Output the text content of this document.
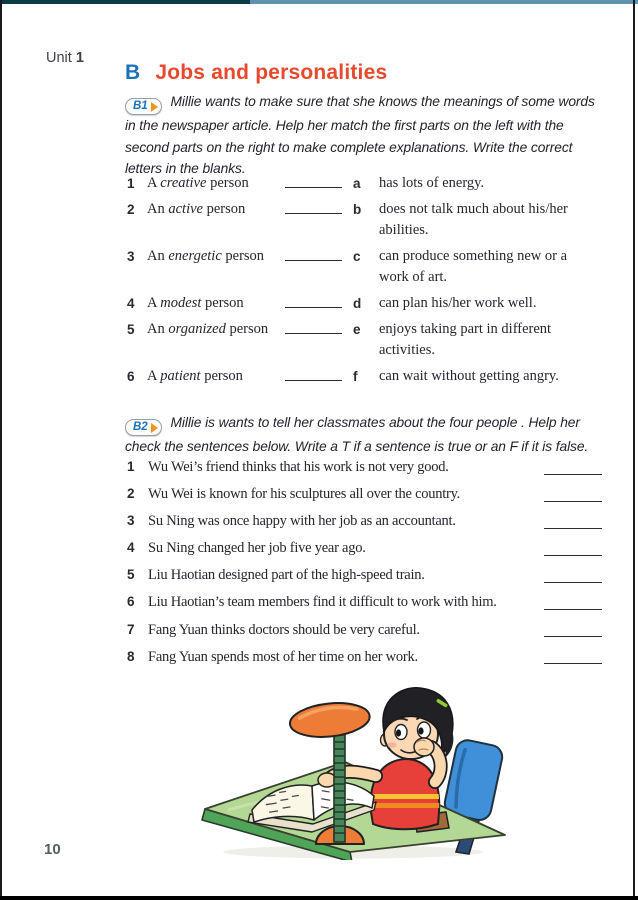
Unit 1
B Jobs and personalities

B1 Millie wants to make sure that she knows the meanings of some words in the newspaper article. Help her match the first parts on the left with the second parts on the right to make complete explanations. Write the correct letters in the blanks.

1 A creative person	a	has lots of energy.
2 An active person	b	does not talk much about his/her abilities.
3 An energetic person	c	can produce something new or a work of art.
4 A modest person	d	can plan his/her work well.
5 An organized person	e	enjoys taking part in different activities.
6 A patient person	f	can wait without getting angry.

B2 Millie is wants to tell her classmates about the four people . Help her check the sentences below. Write a T if a sentence is true or an F if it is false.

1 Wu Wei’s friend thinks that his work is not very good.
2 Wu Wei is known for his sculptures all over the country.
3 Su Ning was once happy with her job as an accountant.
4 Su Ning changed her job five year ago.
5 Liu Haotian designed part of the high-speed train.
6 Liu Haotian’s team members find it difficult to work with him.
7 Fang Yuan thinks doctors should be very careful.
8 Fang Yuan spends most of her time on her work.
10
